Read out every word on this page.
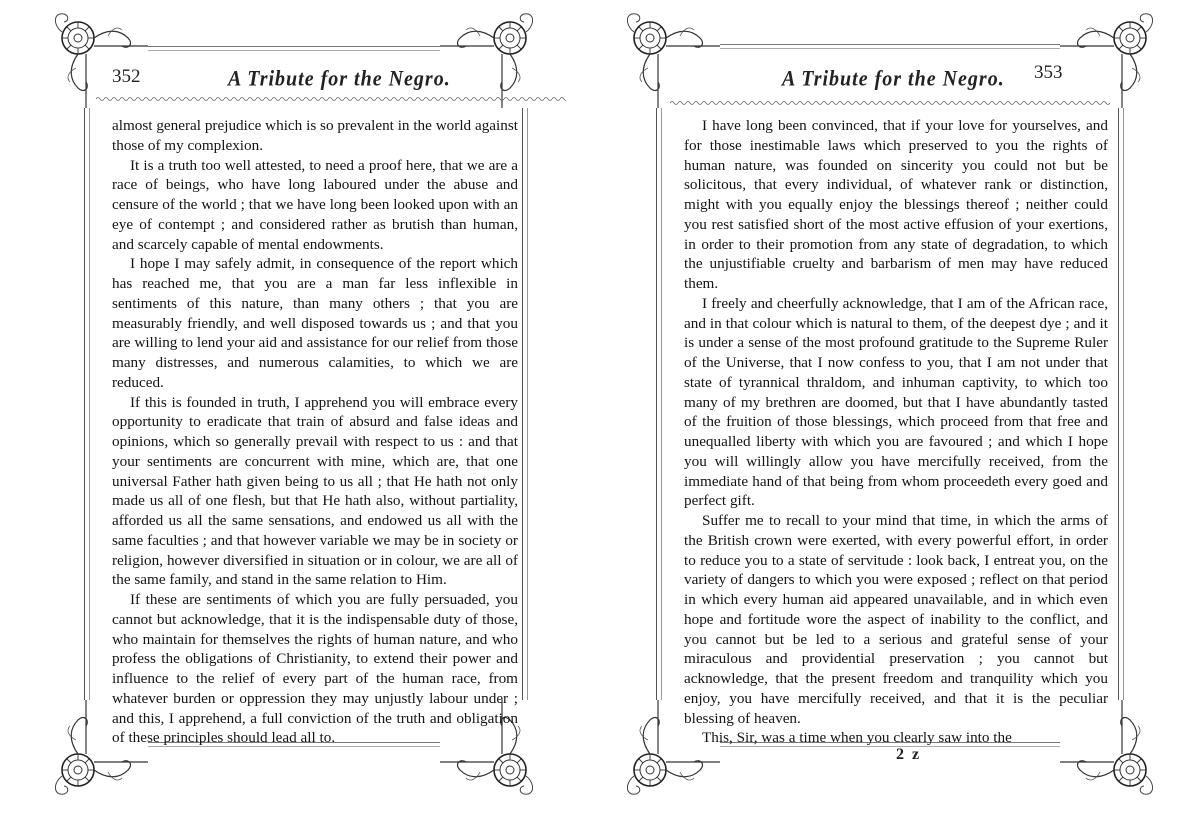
352	A Tribute for the Negro.

almost general prejudice which is so prevalent in the world against those of my complexion.

It is a truth too well attested, to need a proof here, that we are a race of beings, who have long laboured under the abuse and censure of the world ; that we have long been looked upon with an eye of contempt ; and considered rather as brutish than human, and scarcely capable of mental endowments.

I hope I may safely admit, in consequence of the report which has reached me, that you are a man far less inflexible in sentiments of this nature, than many others ; that you are measurably friendly, and well disposed towards us ; and that you are willing to lend your aid and assistance for our relief from those many distresses, and numerous calamities, to which we are reduced.

If this is founded in truth, I apprehend you will embrace every opportunity to eradicate that train of absurd and false ideas and opinions, which so generally prevail with respect to us : and that your sentiments are concurrent with mine, which are, that one universal Father hath given being to us all ; that He hath not only made us all of one flesh, but that He hath also, without partiality, afforded us all the same sensations, and endowed us all with the same faculties ; and that however variable we may be in society or religion, however diversified in situation or in colour, we are all of the same family, and stand in the same relation to Him.

If these are sentiments of which you are fully persuaded, you cannot but acknowledge, that it is the indispensable duty of those, who maintain for themselves the rights of human nature, and who profess the obligations of Christianity, to extend their power and influence to the relief of every part of the human race, from whatever burden or oppression they may unjustly labour under ; and this, I apprehend, a full conviction of the truth and obligation of these principles should lead all to.

A Tribute for the Negro. 353

I have long been convinced, that if your love for yourselves, and for those inestimable laws which preserved to you the rights of human nature, was founded on sincerity you could not but be solicitous, that every individual, of whatever rank or distinction, might with you equally enjoy the blessings thereof ; neither could you rest satisfied short of the most active effusion of your exertions, in order to their promotion from any state of degradation, to which the unjustifiable cruelty and barbarism of men may have reduced them.

I freely and cheerfully acknowledge, that I am of the African race, and in that colour which is natural to them, of the deepest dye ; and it is under a sense of the most profound gratitude to the Supreme Ruler of the Universe, that I now confess to you, that I am not under that state of tyrannical thraldom, and inhuman captivity, to which too many of my brethren are doomed, but that I have abundantly tasted of the fruition of those blessings, which proceed from that free and unequalled liberty with which you are favoured ; and which I hope you will willingly allow you have mercifully received, from the immediate hand of that being from whom proceedeth every goed and perfect gift.

Suffer me to recall to your mind that time, in which the arms of the British crown were exerted, with every powerful effort, in order to reduce you to a state of servitude : look back, I entreat you, on the variety of dangers to which you were exposed ; reflect on that period in which every human aid appeared unavailable, and in which even hope and fortitude wore the aspect of inability to the conflict, and you cannot but be led to a serious and grateful sense of your miraculous and providential preservation ; you cannot but acknowledge, that the present freedom and tranquility which you enjoy, you have mercifully received, and that it is the peculiar blessing of heaven.

This, Sir, was a time when you clearly saw into the

2 z
